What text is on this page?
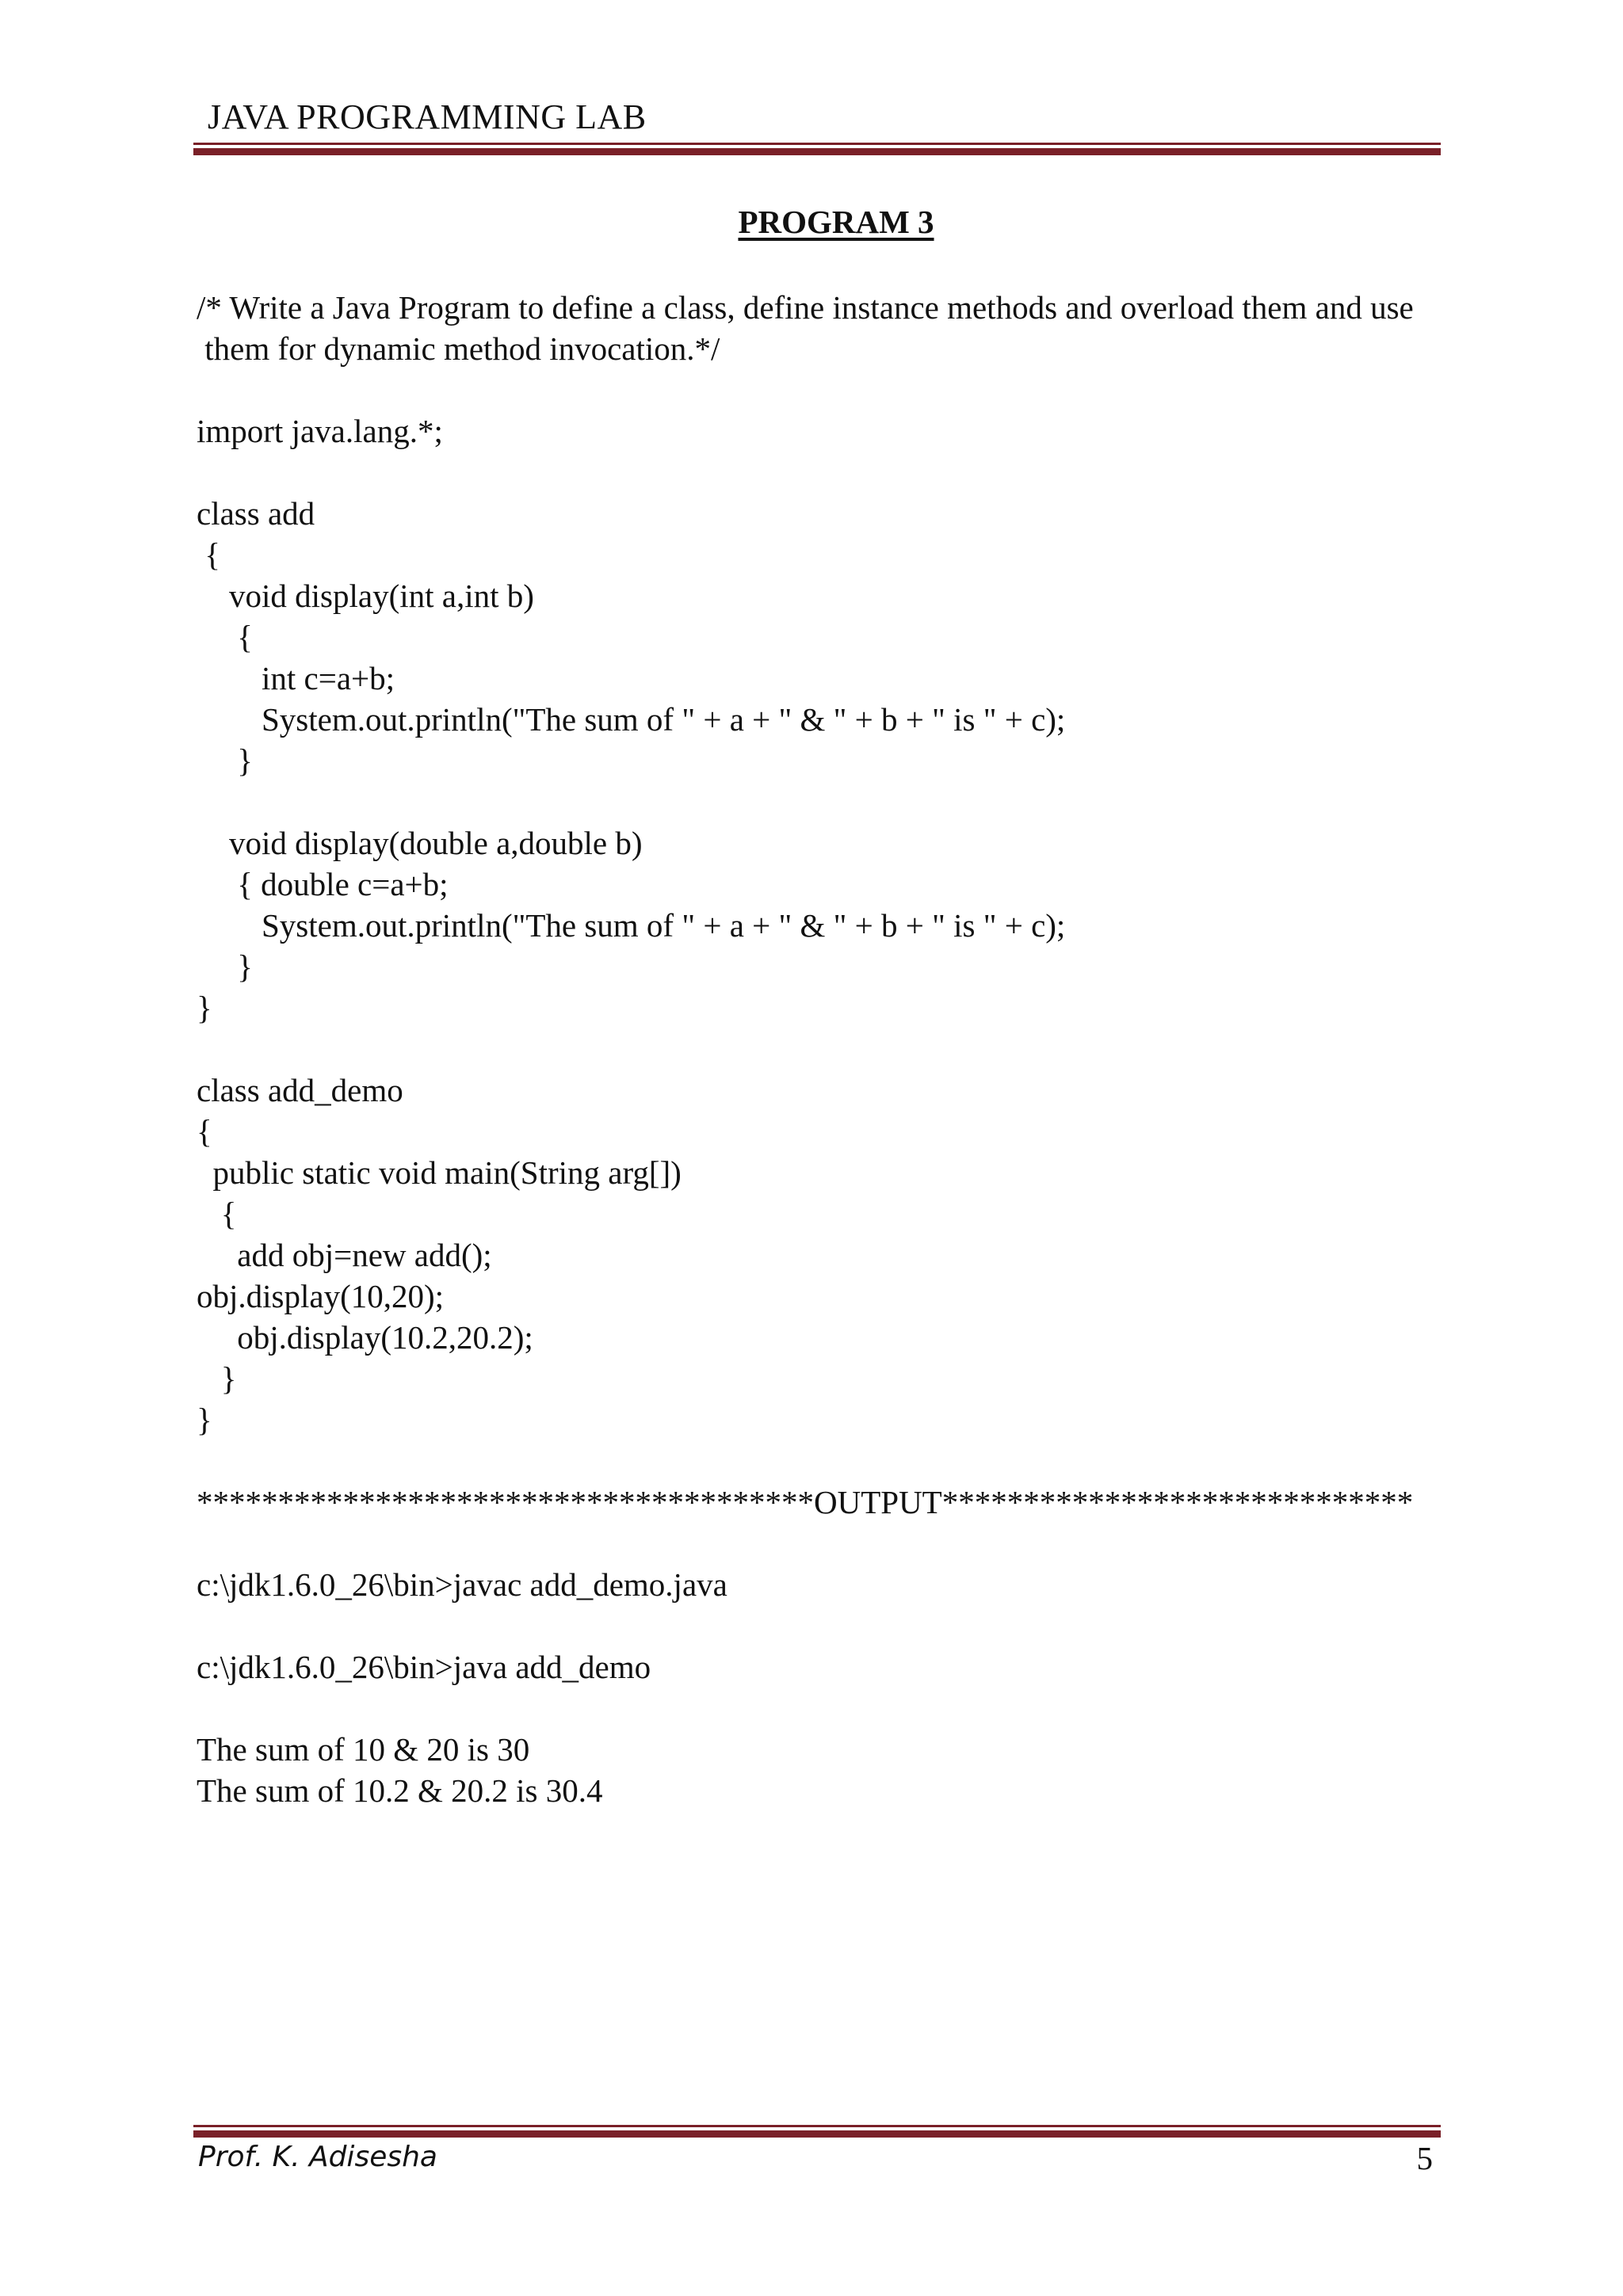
JAVA PROGRAMMING LAB
PROGRAM 3
/* Write a Java Program to define a class, define instance methods and overload them and use
them for dynamic method invocation.*/
import java.lang.*;
class add
{
void display(int a,int b)
{
int c=a+b;
System.out.println("The sum of " + a + " & " + b + " is " + c);
}
void display(double a,double b)
{ double c=a+b;
System.out.println("The sum of " + a + " & " + b + " is " + c);
}
}
class add_demo
{
public static void main(String arg[])
{
add obj=new add();
obj.display(10,20);
obj.display(10.2,20.2);
}
}
**************************************OUTPUT*****************************
c:\jdk1.6.0_26\bin>javac add_demo.java
c:\jdk1.6.0_26\bin>java add_demo
The sum of 10 & 20 is 30
The sum of 10.2 & 20.2 is 30.4
Prof. K. Adisesha	5
